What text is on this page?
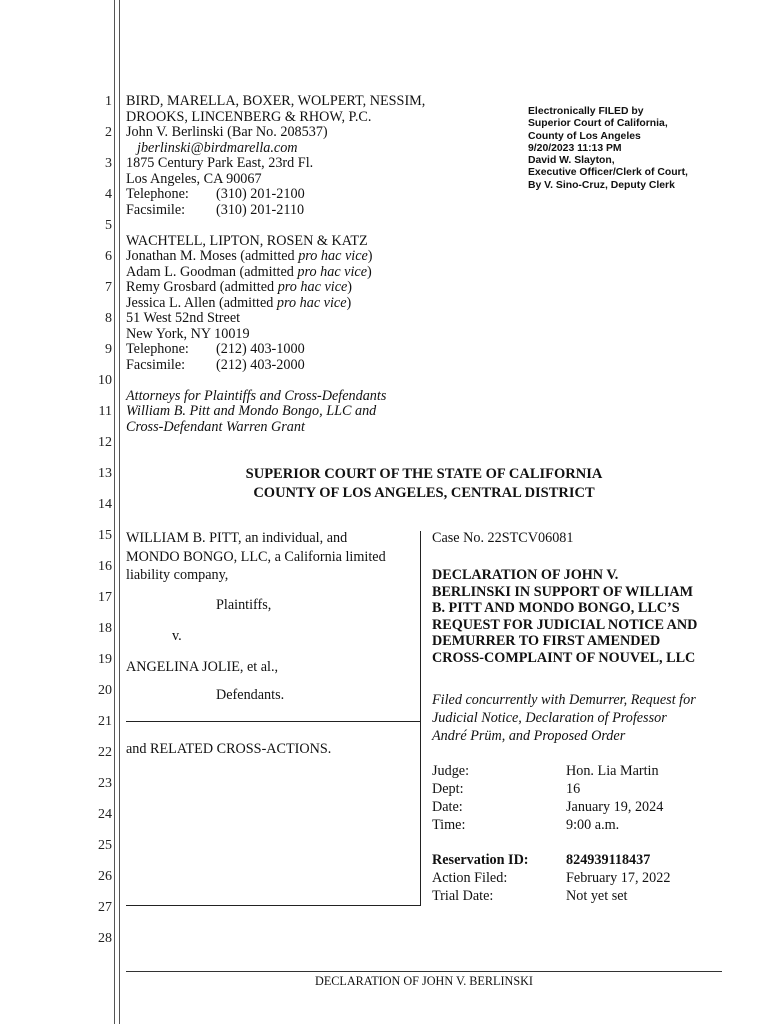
1
2
3
4
5
6
7
8
9
10
11
12
13
14
15
16
17
18
19
20
21
22
23
24
25
26
27
28
BIRD, MARELLA, BOXER, WOLPERT, NESSIM,
DROOKS, LINCENBERG & RHOW, P.C.
John V. Berlinski (Bar No. 208537)
jberlinski@birdmarella.com
1875 Century Park East, 23rd Fl.
Los Angeles, CA 90067
Telephone: (310) 201-2100
Facsimile: (310) 201-2110
WACHTELL, LIPTON, ROSEN & KATZ
Jonathan M. Moses (admitted pro hac vice)
Adam L. Goodman (admitted pro hac vice)
Remy Grosbard (admitted pro hac vice)
Jessica L. Allen (admitted pro hac vice)
51 West 52nd Street
New York, NY 10019
Telephone: (212) 403-1000
Facsimile: (212) 403-2000
Attorneys for Plaintiffs and Cross-Defendants
William B. Pitt and Mondo Bongo, LLC and
Cross-Defendant Warren Grant
Electronically FILED by
Superior Court of California,
County of Los Angeles
9/20/2023 11:13 PM
David W. Slayton,
Executive Officer/Clerk of Court,
By V. Sino-Cruz, Deputy Clerk
SUPERIOR COURT OF THE STATE OF CALIFORNIA
COUNTY OF LOS ANGELES, CENTRAL DISTRICT
WILLIAM B. PITT, an individual, and
MONDO BONGO, LLC, a California limited
liability company,
Plaintiffs,
v.
ANGELINA JOLIE, et al.,
Defendants.
and RELATED CROSS-ACTIONS.
Case No. 22STCV06081
DECLARATION OF JOHN V.
BERLINSKI IN SUPPORT OF WILLIAM
B. PITT AND MONDO BONGO, LLC’S
REQUEST FOR JUDICIAL NOTICE AND
DEMURRER TO FIRST AMENDED
CROSS-COMPLAINT OF NOUVEL, LLC
Filed concurrently with Demurrer, Request for
Judicial Notice, Declaration of Professor
André Prüm, and Proposed Order
Judge:	Hon. Lia Martin
Dept:	16
Date:	January 19, 2024
Time:	9:00 a.m.
Reservation ID:	824939118437
Action Filed:	February 17, 2022
Trial Date:	Not yet set
DECLARATION OF JOHN V. BERLINSKI
